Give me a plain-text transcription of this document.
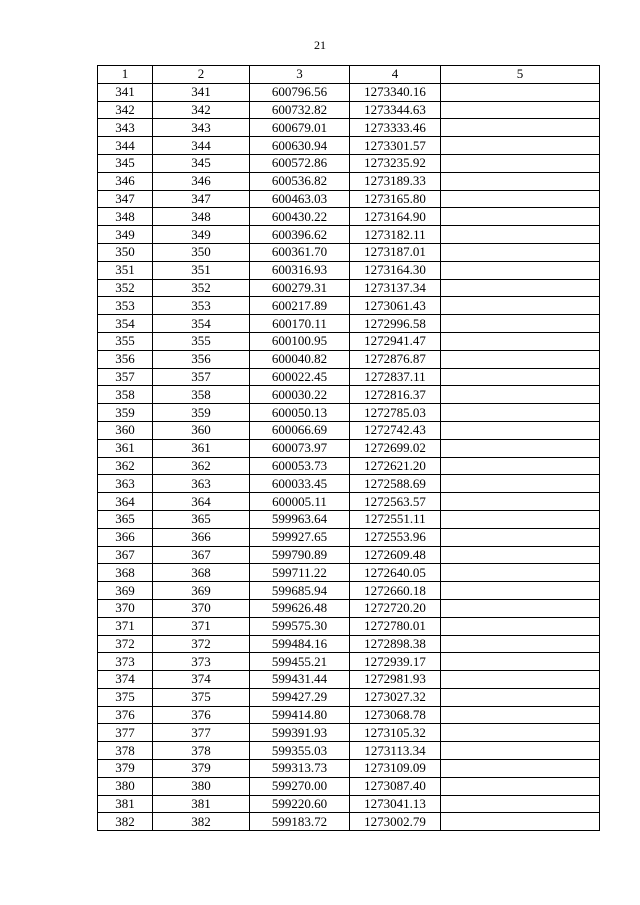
21
1	2	3	4	5
341	341	600796.56	1273340.16	
342	342	600732.82	1273344.63	
343	343	600679.01	1273333.46	
344	344	600630.94	1273301.57	
345	345	600572.86	1273235.92	
346	346	600536.82	1273189.33	
347	347	600463.03	1273165.80	
348	348	600430.22	1273164.90	
349	349	600396.62	1273182.11	
350	350	600361.70	1273187.01	
351	351	600316.93	1273164.30	
352	352	600279.31	1273137.34	
353	353	600217.89	1273061.43	
354	354	600170.11	1272996.58	
355	355	600100.95	1272941.47	
356	356	600040.82	1272876.87	
357	357	600022.45	1272837.11	
358	358	600030.22	1272816.37	
359	359	600050.13	1272785.03	
360	360	600066.69	1272742.43	
361	361	600073.97	1272699.02	
362	362	600053.73	1272621.20	
363	363	600033.45	1272588.69	
364	364	600005.11	1272563.57	
365	365	599963.64	1272551.11	
366	366	599927.65	1272553.96	
367	367	599790.89	1272609.48	
368	368	599711.22	1272640.05	
369	369	599685.94	1272660.18	
370	370	599626.48	1272720.20	
371	371	599575.30	1272780.01	
372	372	599484.16	1272898.38	
373	373	599455.21	1272939.17	
374	374	599431.44	1272981.93	
375	375	599427.29	1273027.32	
376	376	599414.80	1273068.78	
377	377	599391.93	1273105.32	
378	378	599355.03	1273113.34	
379	379	599313.73	1273109.09	
380	380	599270.00	1273087.40	
381	381	599220.60	1273041.13	
382	382	599183.72	1273002.79	
